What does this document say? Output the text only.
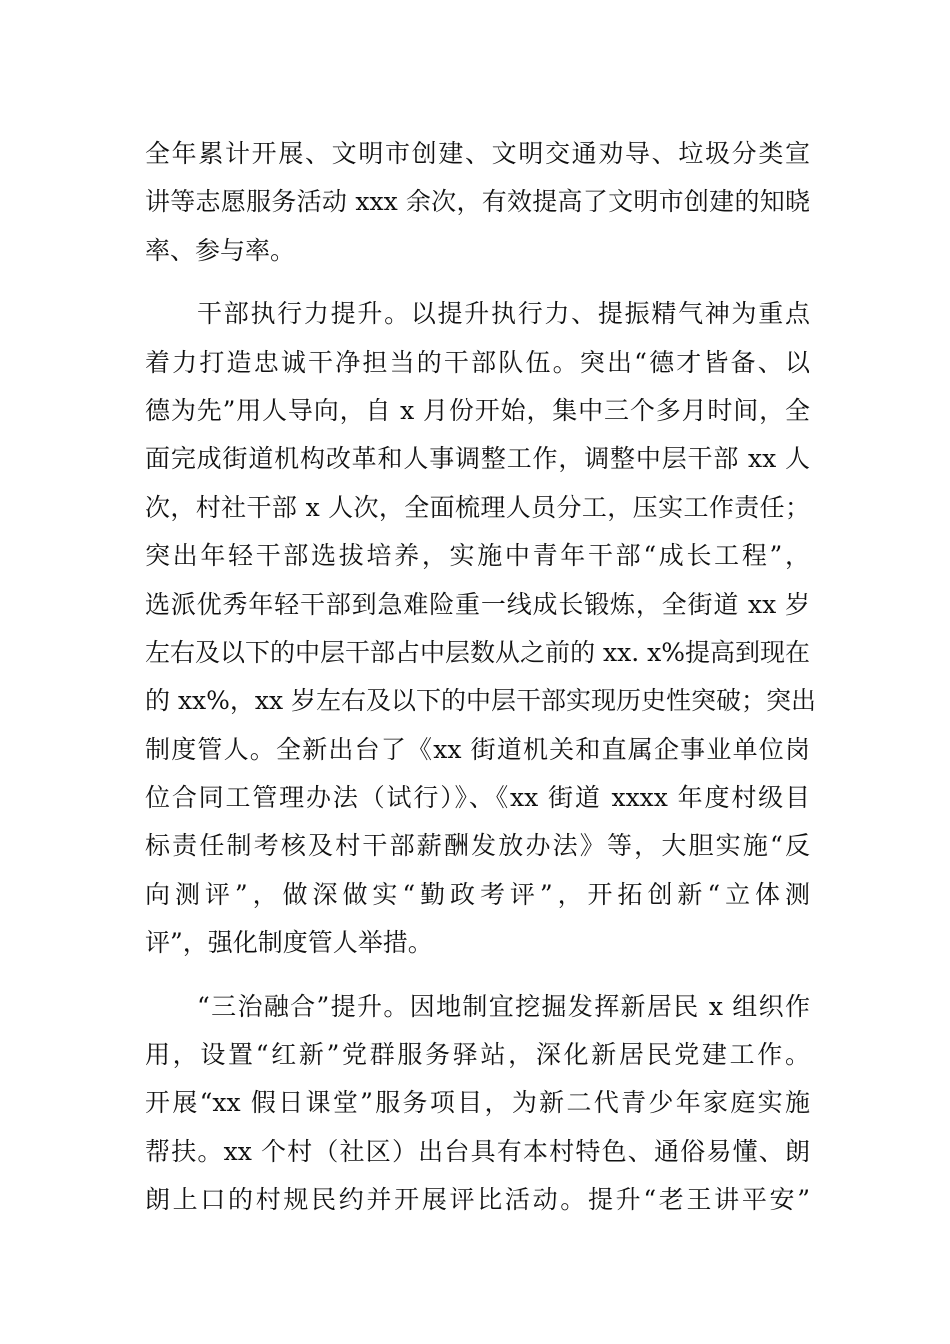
全年累计开展、文明市创建、文明交通劝导、垃圾分类宣
讲等志愿服务活动 xxx 余次，有效提高了文明市创建的知晓
率、参与率。
干部执行力提升。以提升执行力、提振精气神为重点
着力打造忠诚干净担当的干部队伍。突出“德才皆备、以
德为先”用人导向，自 x 月份开始，集中三个多月时间，全
面完成街道机构改革和人事调整工作，调整中层干部 xx 人
次，村社干部 x 人次，全面梳理人员分工，压实工作责任；
突出年轻干部选拔培养，实施中青年干部“成长工程”，
选派优秀年轻干部到急难险重一线成长锻炼，全街道 xx 岁
左右及以下的中层干部占中层数从之前的 xx. x%提高到现在
的 xx%，xx 岁左右及以下的中层干部实现历史性突破；突出
制度管人。全新出台了《xx 街道机关和直属企事业单位岗
位合同工管理办法（试行）》、《xx 街道 xxxx 年度村级目
标责任制考核及村干部薪酬发放办法》等，大胆实施“反
向测评”，做深做实“勤政考评”，开拓创新“立体测
评”，强化制度管人举措。
“三治融合”提升。因地制宜挖掘发挥新居民 x 组织作
用，设置“红新”党群服务驿站，深化新居民党建工作。
开展“xx 假日课堂”服务项目，为新二代青少年家庭实施
帮扶。xx 个村（社区）出台具有本村特色、通俗易懂、朗
朗上口的村规民约并开展评比活动。提升“老王讲平安”
